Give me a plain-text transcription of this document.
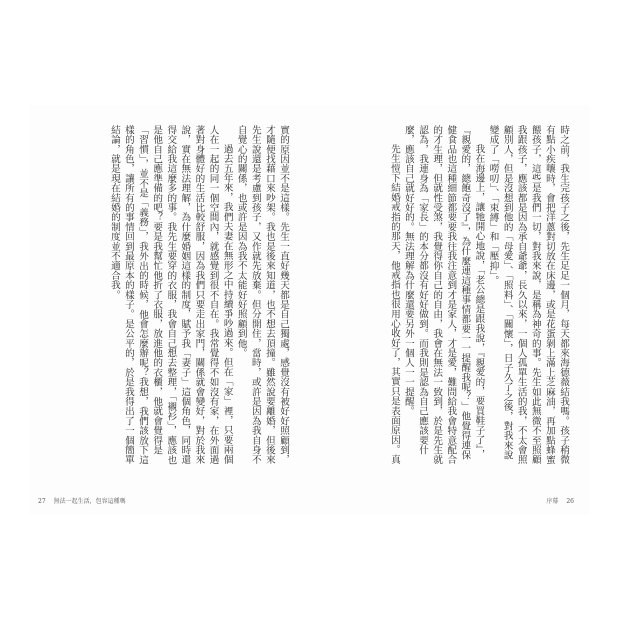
實的原因並不是這樣。先生一直好幾天都是自己獨處，感覺沒有被好好照顧到，才隨便找藉口來吵架。我也是後來知道，也不想去頂撞。雖然說要離婚，但後來先生說還是考慮到孩子，又作就先放棄。但分開住，當時，或許是因為我自身不自覺心的關係，也或許是因為我不太能好好照顧到他。

過去五年來，我們夫妻在無形之中持續爭吵過來。但在「家」裡，只要兩個人在一起的同一個空間內，就感覺到很不自在。我常覺得不如沒有家，在外面過著對身體好的生活比較舒服，因為我們只要走出家門，關係就會變好，對於我來說，實在無法理解，為什麼婚姻這樣的制度，賦予我「妻子」這個角色，同時還得交給我這麼多的事。我先生要穿的衣服，我會自己想去整理，「襯衫」，應該也是他自己應準備的吧？要是我幫忙他折了衣服，放進他的衣櫃，他就會覺得是「習慣」，並不是「義務」，我外出的時候，他會怎麼辦呢？我想，我們該放下這樣的角色，讓所有的事情回到最原本的樣子。是公平的，於是我得出了一個簡單結論，就是現在結婚的制度並不適合我。

27 無法一起生活，包容這種嗎

時之前，我生完孩子之後，先生足足一個月，每天都來海德薇結我嗎。孩子稍微有點小疾嚷時，會把洋蔥對切放在床邊，或是花蛋剝上滿上芝麻油，再加點蜂蜜餵孩子，這些是我們一切，對我來說，是稱為神奇的事。先生如此無微不至照顧我跟孩子，應該都是因為承自爺爺，長久以來，一個人孤單生活的我，不太會照顧別人，但是沒想到他的「母愛」、「照料」、「關懷」，日子久了之後，對我來說變成了「嘮叨」、「束縛」和「壓抑」。

我在海邊上，讓牠開心地說，「老公總是跟我說，『親愛的，要買鞋子了』，『親愛的，總飽奇沒了』，為什麼連這種事情都要一一提醒我呢？」他覺得連保健食品也這種細節都要要我往我注意到才是家人，才是愛，難問給我會特意配合的才生理，但就性受煞，我覺得你自己的自由，我會在無法一致到，於是先生就認為，我連身為「家長」的本分都沒有好好做到。而我則是認為自己應該要什麼，應該自己就好好的。無法理解為什麼還要另外一個人一一提醒。

先生愷下結婚戒指的那天，他戒指也很用心收好了，其實只是表面原因。真

序幕 26
